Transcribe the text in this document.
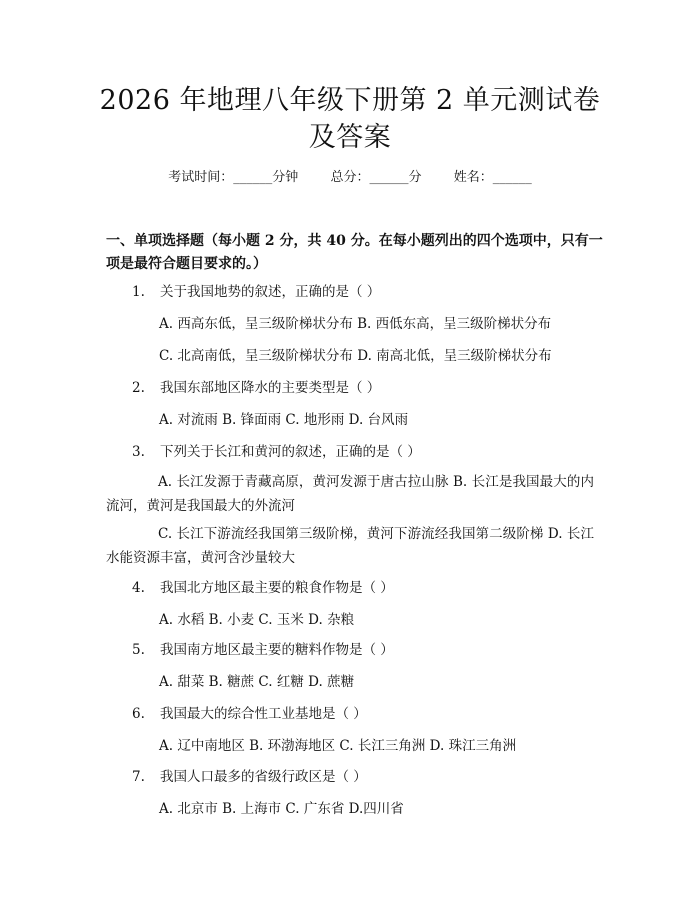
2026 年地理八年级下册第 2 单元测试卷及答案
考试时间：______分钟 总分：______分 姓名：______
一、单项选择题（每小题 2 分，共 40 分。在每小题列出的四个选项中，只有一项是最符合题目要求的。）
1. 关于我国地势的叙述，正确的是（ ）
A. 西高东低，呈三级阶梯状分布 B. 西低东高，呈三级阶梯状分布
C. 北高南低，呈三级阶梯状分布 D. 南高北低，呈三级阶梯状分布
2. 我国东部地区降水的主要类型是（ ）
A. 对流雨 B. 锋面雨 C. 地形雨 D. 台风雨
3. 下列关于长江和黄河的叙述，正确的是（ ）
A. 长江发源于青藏高原，黄河发源于唐古拉山脉 B. 长江是我国最大的内流河，黄河是我国最大的外流河
C. 长江下游流经我国第三级阶梯，黄河下游流经我国第二级阶梯 D. 长江水能资源丰富，黄河含沙量较大
4. 我国北方地区最主要的粮食作物是（ ）
A. 水稻 B. 小麦 C. 玉米 D. 杂粮
5. 我国南方地区最主要的糖料作物是（ ）
A. 甜菜 B. 糖蔗 C. 红糖 D. 蔗糖
6. 我国最大的综合性工业基地是（ ）
A. 辽中南地区 B. 环渤海地区 C. 长江三角洲 D. 珠江三角洲
7. 我国人口最多的省级行政区是（ ）
A. 北京市 B. 上海市 C. 广东省 D.四川省
